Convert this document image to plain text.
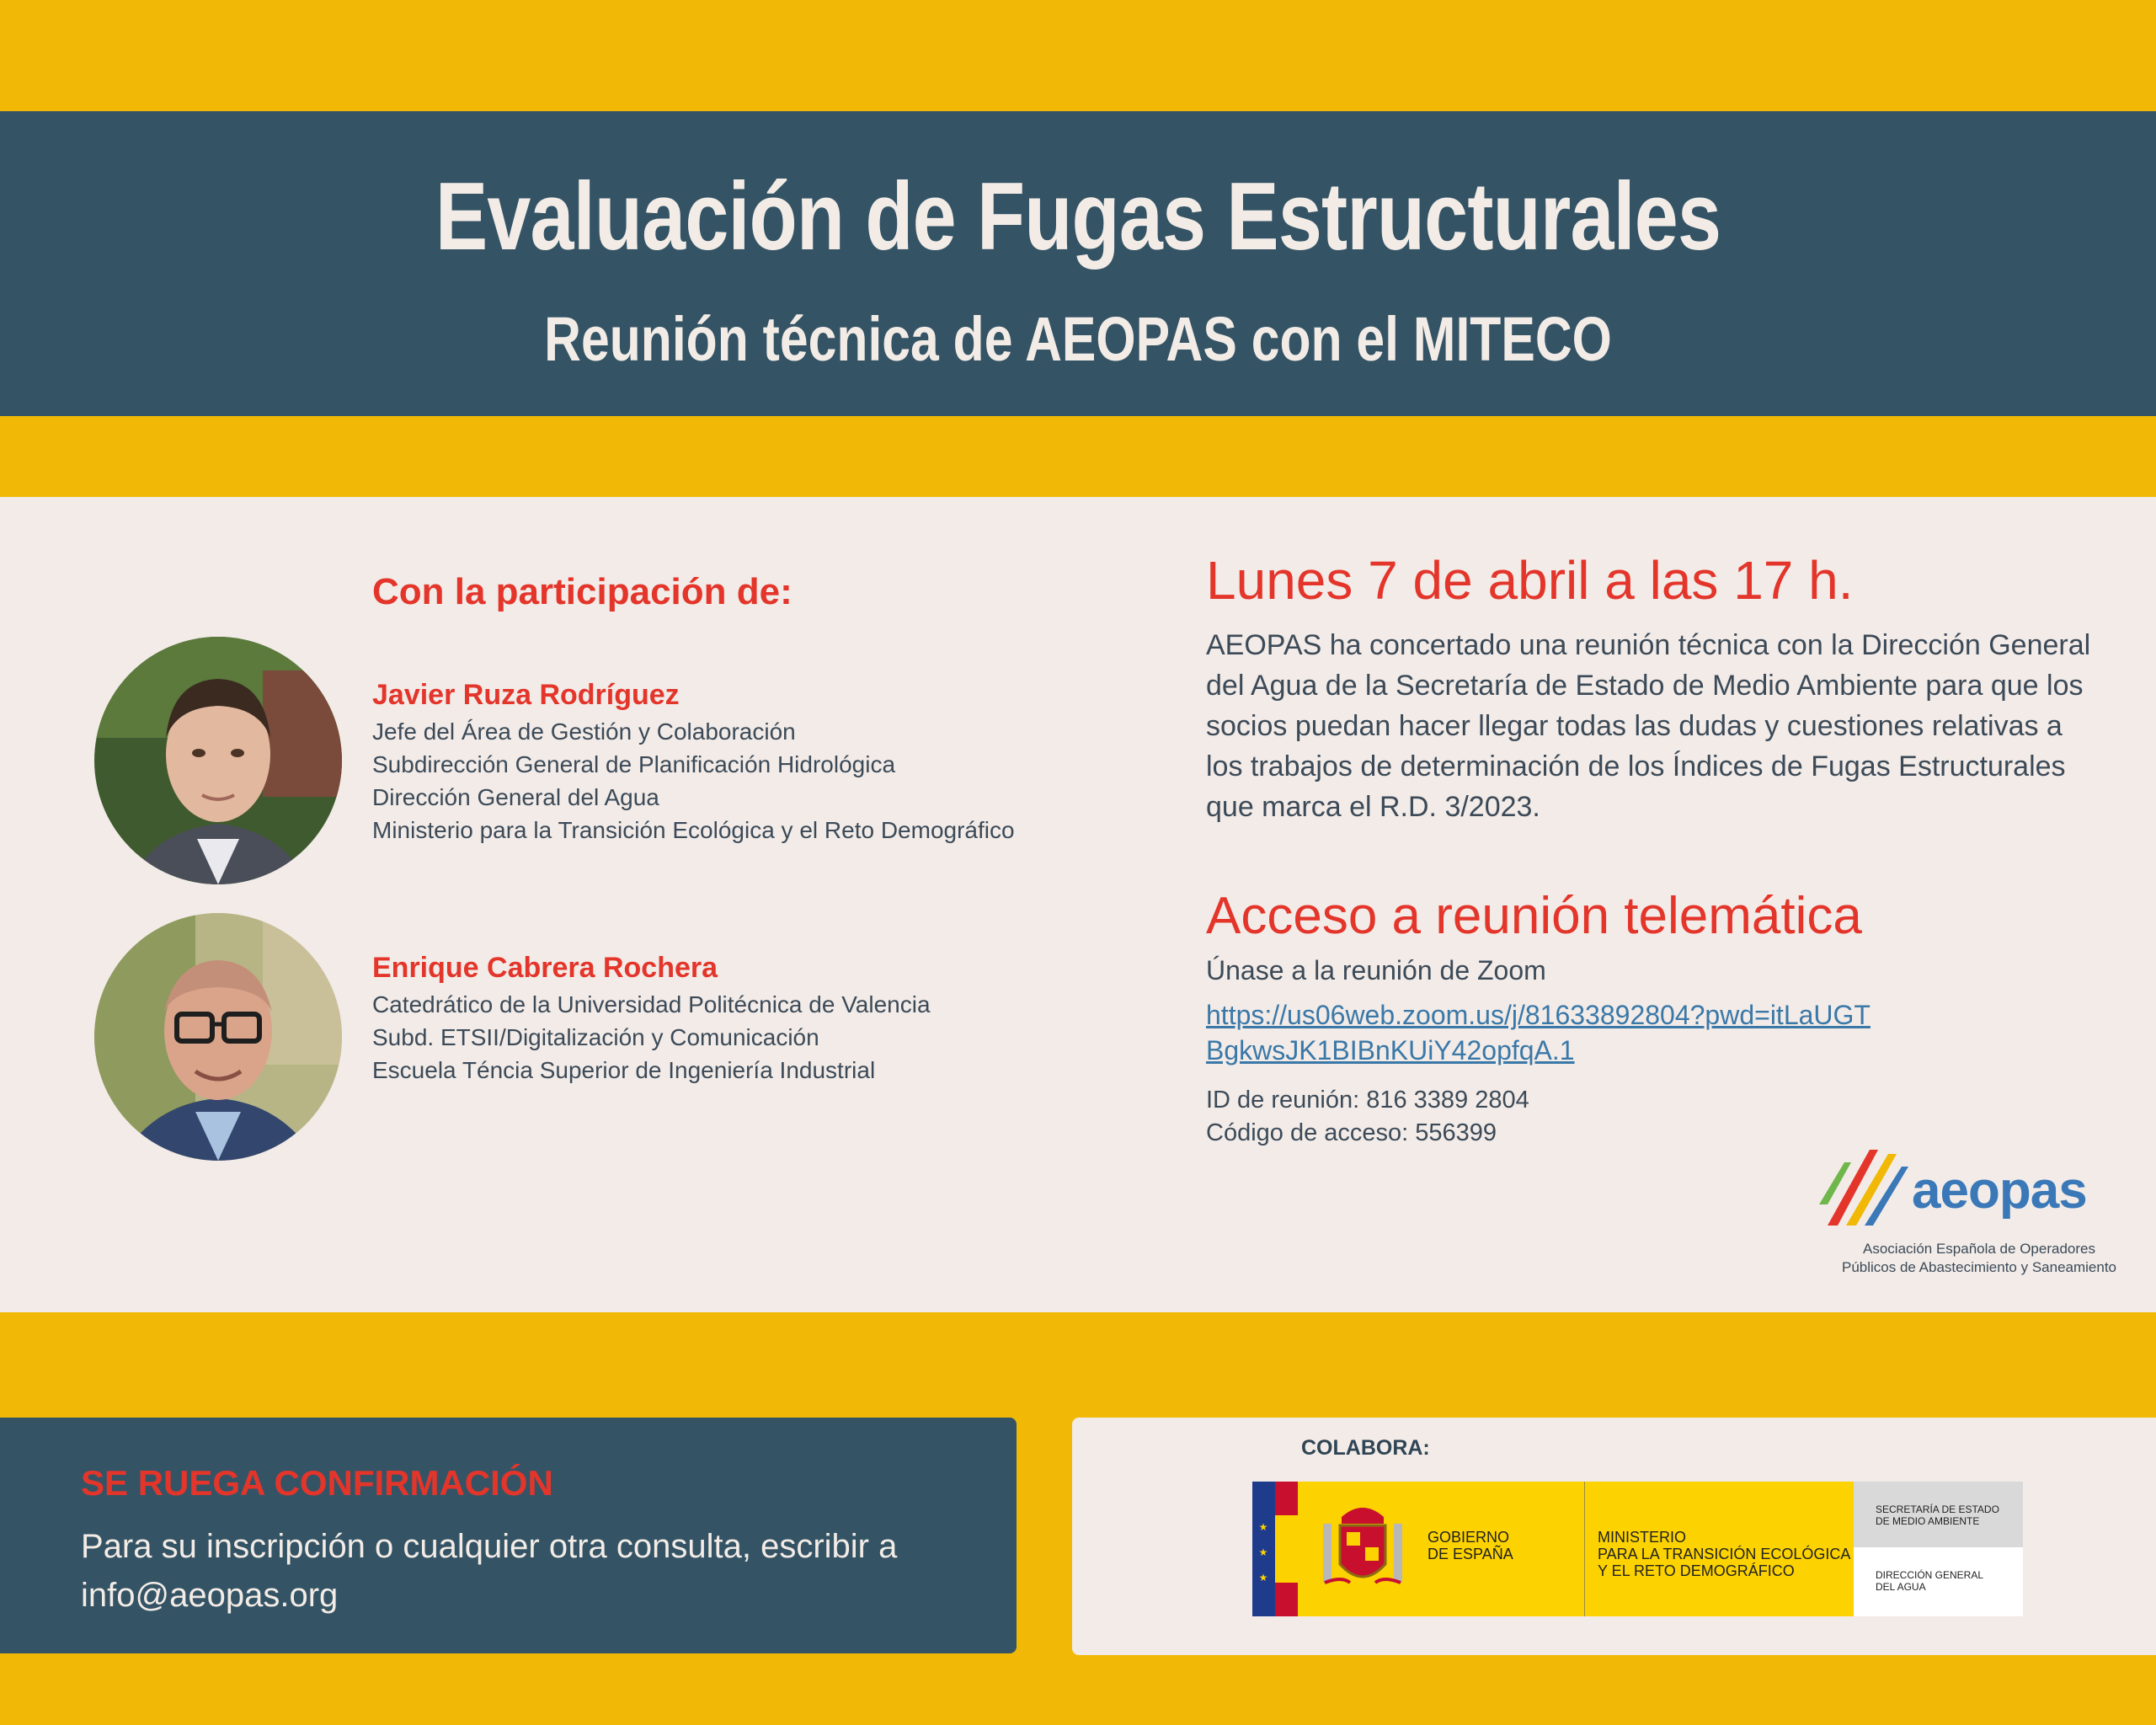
Evaluación de Fugas Estructurales
Reunión técnica de AEOPAS con el MITECO
Con la participación de:
Javier Ruza Rodríguez
Jefe del Área de Gestión y Colaboración
Subdirección General de Planificación Hidrológica
Dirección General del Agua
Ministerio para la Transición Ecológica y el Reto Demográfico
Enrique Cabrera Rochera
Catedrático de la Universidad Politécnica de Valencia
Subd. ETSII/Digitalización y Comunicación
Escuela Téncia Superior de Ingeniería Industrial
Lunes 7 de abril a las 17 h.
AEOPAS ha concertado una reunión técnica con la Dirección General del Agua de la Secretaría de Estado de Medio Ambiente para que los socios puedan hacer llegar todas las dudas y cuestiones relativas a los trabajos de determinación de los Índices de Fugas Estructurales que marca el R.D. 3/2023.
Acceso a reunión telemática
Únase a la reunión de Zoom
https://us06web.zoom.us/j/81633892804?pwd=itLaUGTBgkwsJK1BIBnKUiY42opfqA.1
ID de reunión: 816 3389 2804
Código de acceso: 556399
aeopas
Asociación Española de Operadores
Públicos de Abastecimiento y Saneamiento
SE RUEGA CONFIRMACIÓN
Para su inscripción o cualquier otra consulta, escribir a info@aeopas.org
COLABORA:
★
★
★
GOBIERNO
DE ESPAÑA
MINISTERIO
PARA LA TRANSICIÓN ECOLÓGICA
Y EL RETO DEMOGRÁFICO
SECRETARÍA DE ESTADO
DE MEDIO AMBIENTE
DIRECCIÓN GENERAL
DEL AGUA
